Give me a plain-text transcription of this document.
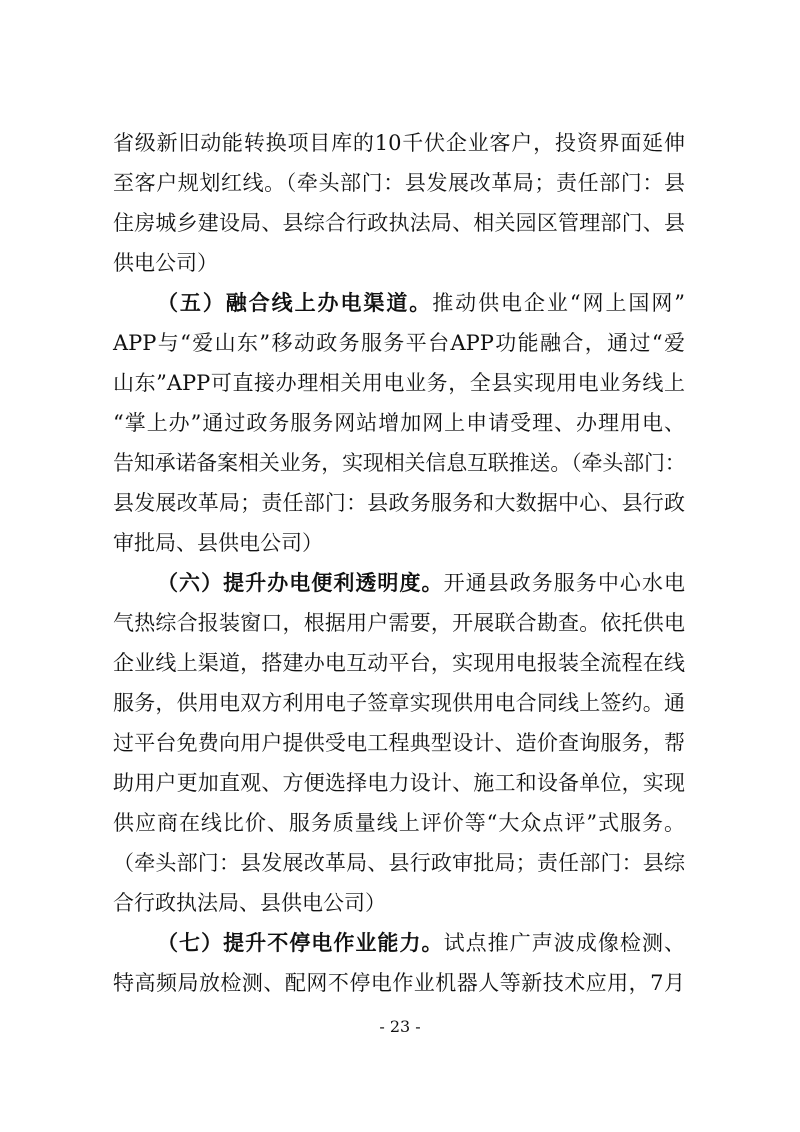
省级新旧动能转换项目库的10千伏企业客户，投资界面延伸
至客户规划红线。（牵头部门：县发展改革局；责任部门：县
住房城乡建设局、县综合行政执法局、相关园区管理部门、县
供电公司）
（五）融合线上办电渠道。推动供电企业“网上国网”
APP与“爱山东”移动政务服务平台APP功能融合，通过“爱
山东”APP可直接办理相关用电业务，全县实现用电业务线上
“掌上办”通过政务服务网站增加网上申请受理、办理用电、
告知承诺备案相关业务，实现相关信息互联推送。（牵头部门：
县发展改革局；责任部门：县政务服务和大数据中心、县行政
审批局、县供电公司）
（六）提升办电便利透明度。开通县政务服务中心水电
气热综合报装窗口，根据用户需要，开展联合勘查。依托供电
企业线上渠道，搭建办电互动平台，实现用电报装全流程在线
服务，供用电双方利用电子签章实现供用电合同线上签约。通
过平台免费向用户提供受电工程典型设计、造价查询服务，帮
助用户更加直观、方便选择电力设计、施工和设备单位，实现
供应商在线比价、服务质量线上评价等“大众点评”式服务。
（牵头部门：县发展改革局、县行政审批局；责任部门：县综
合行政执法局、县供电公司）
（七）提升不停电作业能力。试点推广声波成像检测、
特高频局放检测、配网不停电作业机器人等新技术应用，7月
- 23 -
